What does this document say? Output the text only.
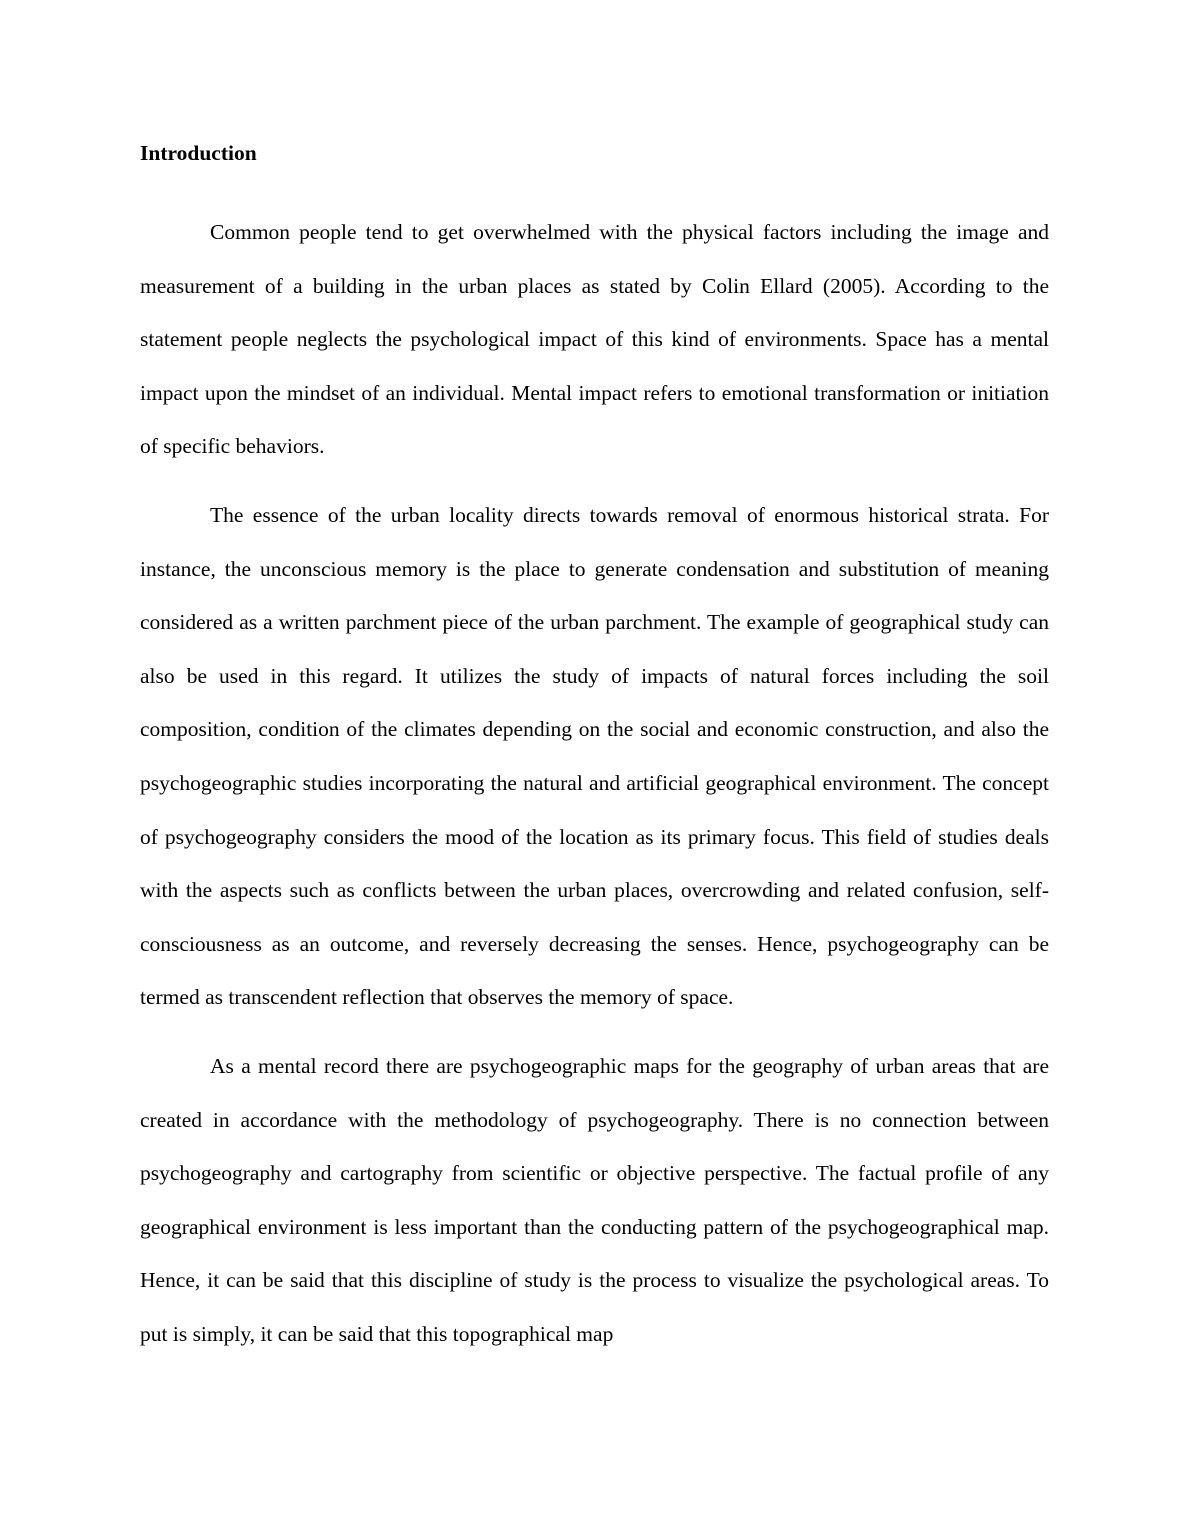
Introduction

Common people tend to get overwhelmed with the physical factors including the image and measurement of a building in the urban places as stated by Colin Ellard (2005). According to the statement people neglects the psychological impact of this kind of environments. Space has a mental impact upon the mindset of an individual. Mental impact refers to emotional transformation or initiation of specific behaviors.

The essence of the urban locality directs towards removal of enormous historical strata. For instance, the unconscious memory is the place to generate condensation and substitution of meaning considered as a written parchment piece of the urban parchment. The example of geographical study can also be used in this regard. It utilizes the study of impacts of natural forces including the soil composition, condition of the climates depending on the social and economic construction, and also the psychogeographic studies incorporating the natural and artificial geographical environment. The concept of psychogeography considers the mood of the location as its primary focus. This field of studies deals with the aspects such as conflicts between the urban places, overcrowding and related confusion, self-consciousness as an outcome, and reversely decreasing the senses. Hence, psychogeography can be termed as transcendent reflection that observes the memory of space.

As a mental record there are psychogeographic maps for the geography of urban areas that are created in accordance with the methodology of psychogeography. There is no connection between psychogeography and cartography from scientific or objective perspective. The factual profile of any geographical environment is less important than the conducting pattern of the psychogeographical map. Hence, it can be said that this discipline of study is the process to visualize the psychological areas. To put is simply, it can be said that this topographical map
